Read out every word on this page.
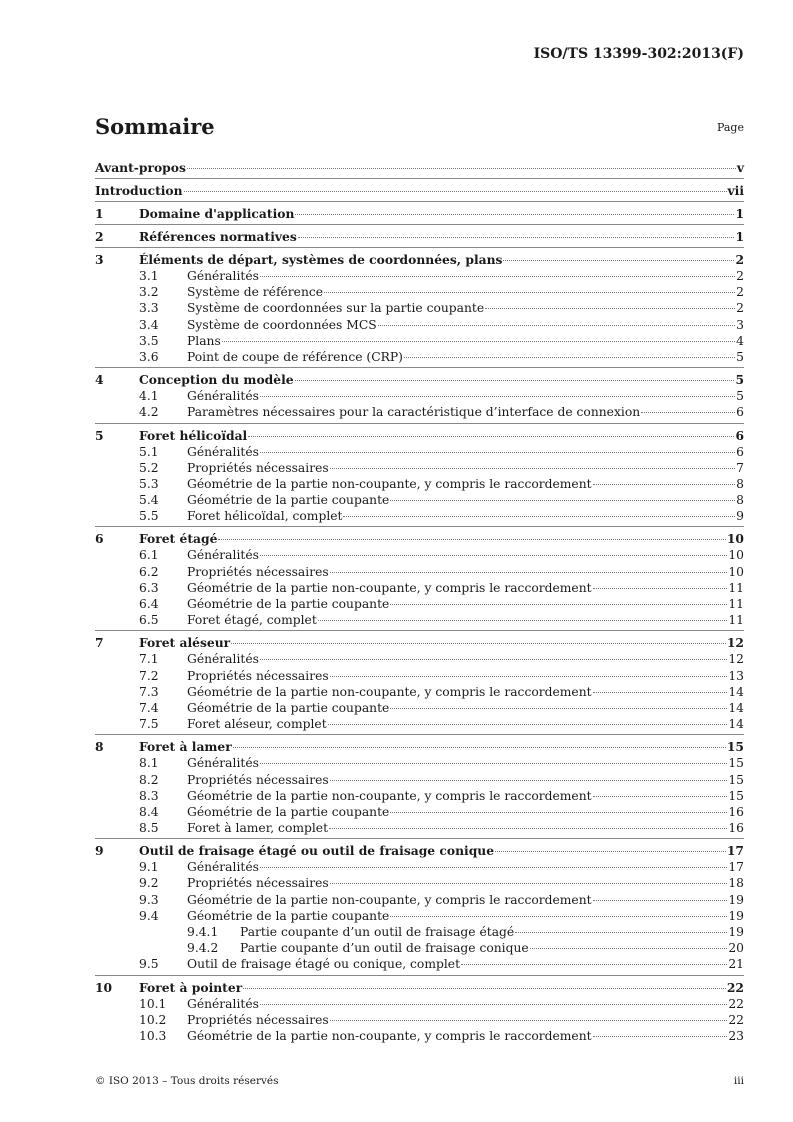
ISO/TS 13399-302:2013(F)
Sommaire	Page
Avant-propos	v
Introduction	vii
1	Domaine d'application	1
2	Références normatives	1
3	Éléments de départ, systèmes de coordonnées, plans	2
3.1	Généralités	2
3.2	Système de référence	2
3.3	Système de coordonnées sur la partie coupante	2
3.4	Système de coordonnées MCS	3
3.5	Plans	4
3.6	Point de coupe de référence (CRP)	5
4	Conception du modèle	5
4.1	Généralités	5
4.2	Paramètres nécessaires pour la caractéristique d’interface de connexion	6
5	Foret hélicoïdal	6
5.1	Généralités	6
5.2	Propriétés nécessaires	7
5.3	Géométrie de la partie non-coupante, y compris le raccordement	8
5.4	Géométrie de la partie coupante	8
5.5	Foret hélicoïdal, complet	9
6	Foret étagé	10
6.1	Généralités	10
6.2	Propriétés nécessaires	10
6.3	Géométrie de la partie non-coupante, y compris le raccordement	11
6.4	Géométrie de la partie coupante	11
6.5	Foret étagé, complet	11
7	Foret aléseur	12
7.1	Généralités	12
7.2	Propriétés nécessaires	13
7.3	Géométrie de la partie non-coupante, y compris le raccordement	14
7.4	Géométrie de la partie coupante	14
7.5	Foret aléseur, complet	14
8	Foret à lamer	15
8.1	Généralités	15
8.2	Propriétés nécessaires	15
8.3	Géométrie de la partie non-coupante, y compris le raccordement	15
8.4	Géométrie de la partie coupante	16
8.5	Foret à lamer, complet	16
9	Outil de fraisage étagé ou outil de fraisage conique	17
9.1	Généralités	17
9.2	Propriétés nécessaires	18
9.3	Géométrie de la partie non-coupante, y compris le raccordement	19
9.4	Géométrie de la partie coupante	19
9.4.1	Partie coupante d’un outil de fraisage étagé	19
9.4.2	Partie coupante d’un outil de fraisage conique	20
9.5	Outil de fraisage étagé ou conique, complet	21
10	Foret à pointer	22
10.1	Généralités	22
10.2	Propriétés nécessaires	22
10.3	Géométrie de la partie non-coupante, y compris le raccordement	23
© ISO 2013 – Tous droits réservés	iii
